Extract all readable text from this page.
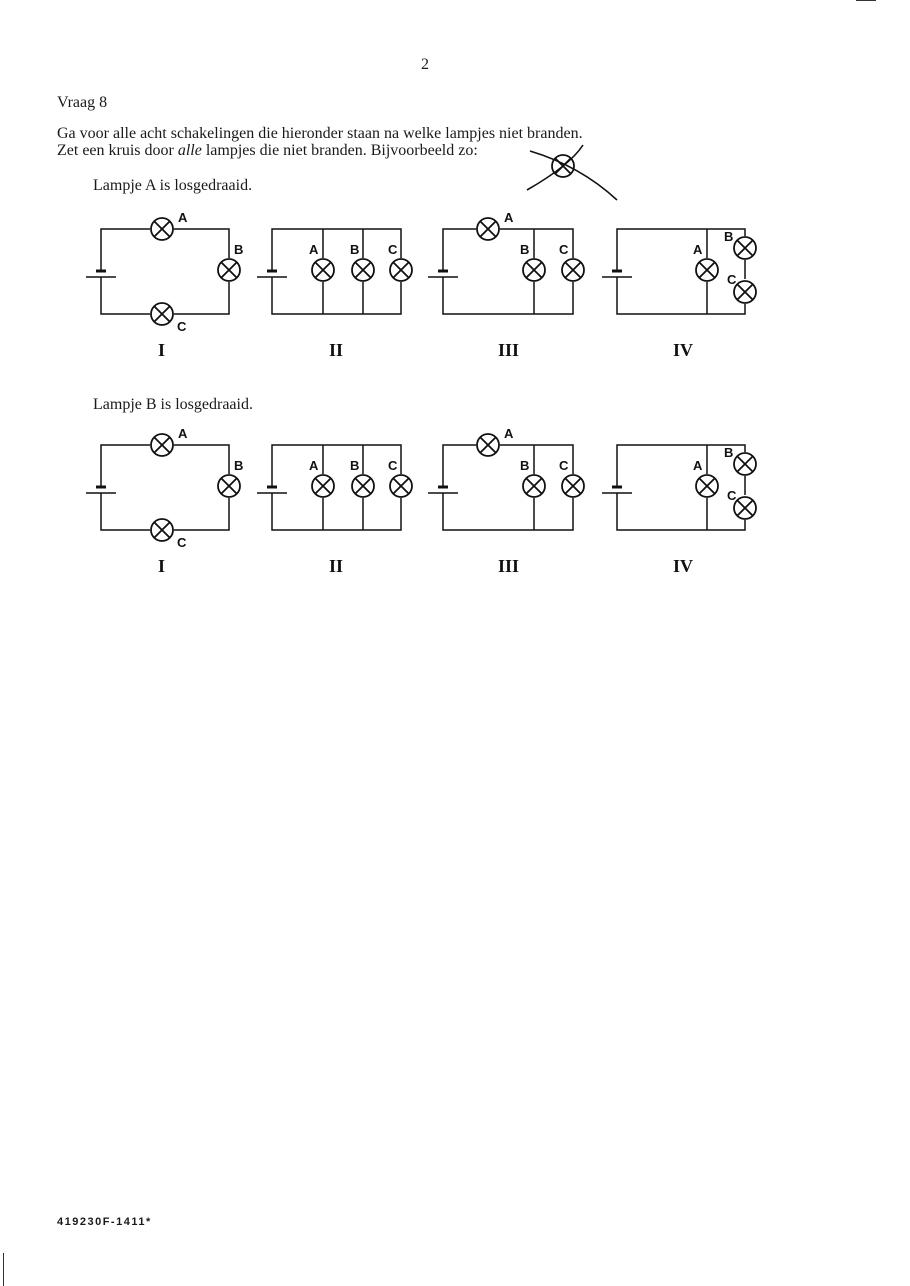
2
Vraag 8
Ga voor alle acht schakelingen die hieronder staan na welke lampjes niet branden.
Zet een kruis door alle lampjes die niet branden. Bijvoorbeeld zo:
Lampje A is losgedraaid.
Lampje B is losgedraaid.
419230F-1411*
A
B
C
I
A B C
II
A
B C
III
A
B
C
IV
A
B
C
I
A B C
II
A
B C
III
A
B
C
IV
